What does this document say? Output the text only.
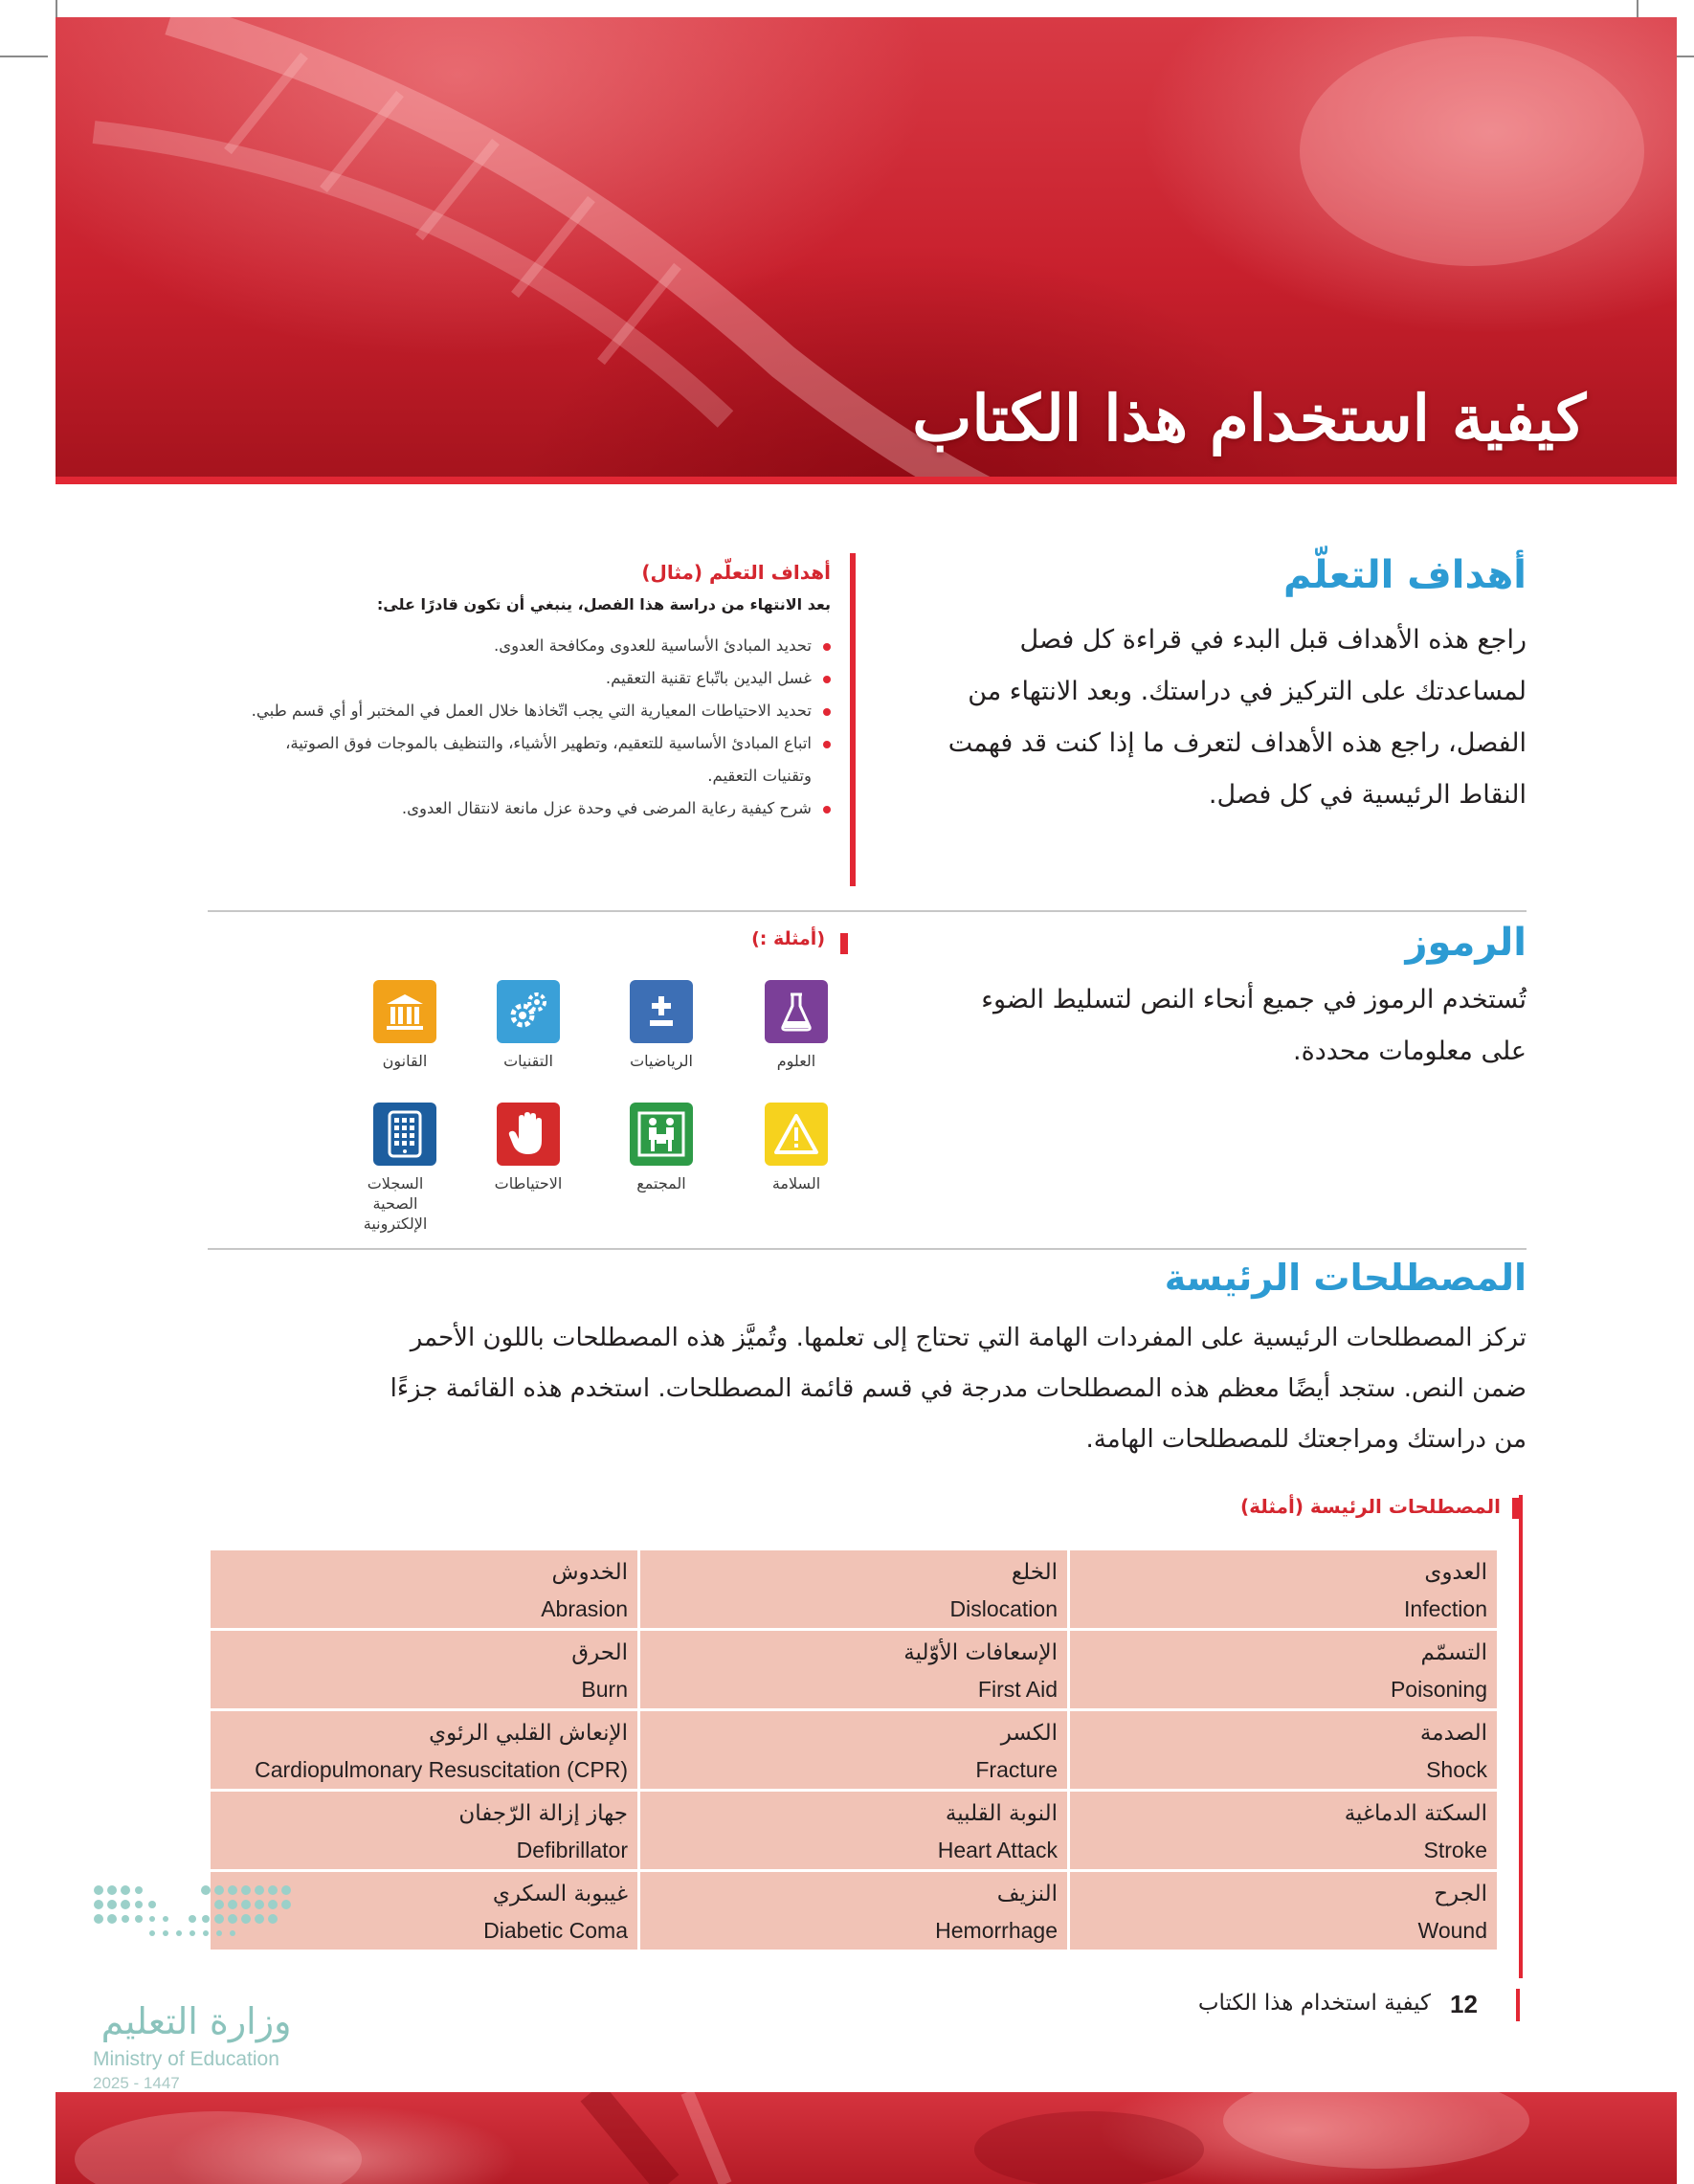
كيفية استخدام هذا الكتاب
أهداف التعلّم
راجع هذه الأهداف قبل البدء في قراءة كل فصل
لمساعدتك على التركيز في دراستك. وبعد الانتهاء من
الفصل، راجع هذه الأهداف لتعرف ما إذا كنت قد فهمت
النقاط الرئيسية في كل فصل.
أهداف التعلّم (مثال)
بعد الانتهاء من دراسة هذا الفصل، ينبغي أن تكون قادرًا على:
تحديد المبادئ الأساسية للعدوى ومكافحة العدوى.
غسل اليدين باتّباع تقنية التعقيم.
تحديد الاحتياطات المعيارية التي يجب اتّخاذها خلال العمل في المختبر أو أي قسم طبي.
اتباع المبادئ الأساسية للتعقيم، وتطهير الأشياء، والتنظيف بالموجات فوق الصوتية، وتقنيات التعقيم.
شرح كيفية رعاية المرضى في وحدة عزل مانعة لانتقال العدوى.
الرموز
تُستخدم الرموز في جميع أنحاء النص لتسليط الضوء
على معلومات محددة.
(أمثلة :)
العلوم
الرياضيات
التقنيات
القانون
السلامة
المجتمع
الاحتياطات
السجلات الصحية الإلكترونية
المصطلحات الرئيسة
تركز المصطلحات الرئيسية على المفردات الهامة التي تحتاج إلى تعلمها. وتُميَّز هذه المصطلحات باللون الأحمر
ضمن النص. ستجد أيضًا معظم هذه المصطلحات مدرجة في قسم قائمة المصطلحات. استخدم هذه القائمة جزءًا
من دراستك ومراجعتك للمصطلحات الهامة.
المصطلحات الرئيسة (أمثلة)
الخدوش
Abrasion	الخلع
Dislocation	العدوى
Infection

الحرق
Burn	الإسعافات الأوّلية
First Aid	التسمّم
Poisoning

الإنعاش القلبي الرئوي
Cardiopulmonary Resuscitation (CPR)	الكسر
Fracture	الصدمة
Shock

جهاز إزالة الرّجفان
Defibrillator	النوبة القلبية
Heart Attack	السكتة الدماغية
Stroke

غيبوبة السكري
Diabetic Coma	النزيف
Hemorrhage	الجرح
Wound
وزارة التعليم
Ministry of Education
2025 - 1447
12
كيفية استخدام هذا الكتاب
